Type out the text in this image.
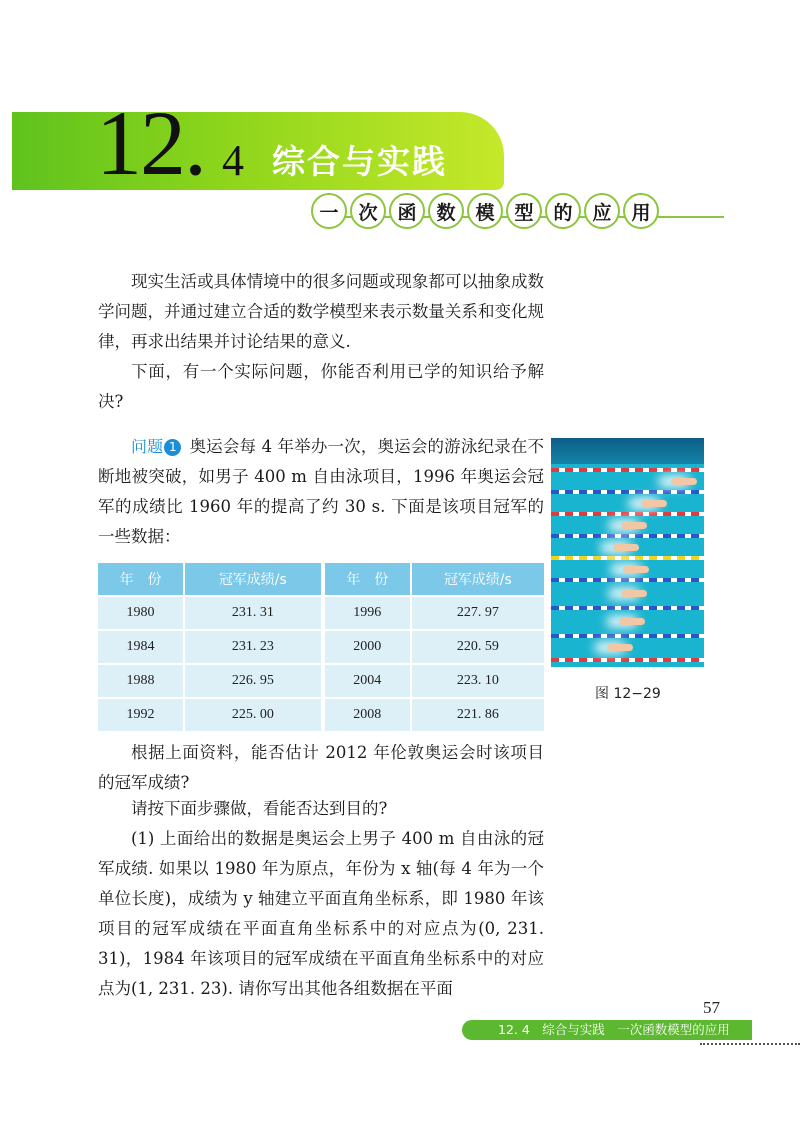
12. 4 综合与实践
一	次	函	数	模	型	的	应	用

现实生活或具体情境中的很多问题或现象都可以抽象成数学问题，并通过建立合适的数学模型来表示数量关系和变化规律，再求出结果并讨论结果的意义.

下面，有一个实际问题，你能否利用已学的知识给予解决?

问题 1 奥运会每 4 年举办一次，奥运会的游泳纪录在不断地被突破，如男子 400 m 自由泳项目，1996 年奥运会冠军的成绩比 1960 年的提高了约 30 s. 下面是该项目冠军的一些数据：

图 12−29
年　份	冠军成绩/s	年　份	冠军成绩/s
1980	231. 31	1996	227. 97
1984	231. 23	2000	220. 59
1988	226. 95	2004	223. 10
1992	225. 00	2008	221. 86

根据上面资料，能否估计 2012 年伦敦奥运会时该项目的冠军成绩?

请按下面步骤做，看能否达到目的?

(1) 上面给出的数据是奥运会上男子 400 m 自由泳的冠军成绩. 如果以 1980 年为原点，年份为 x 轴(每 4 年为一个单位长度)，成绩为 y 轴建立平面直角坐标系，即 1980 年该项目的冠军成绩在平面直角坐标系中的对应点为(0, 231. 31)，1984 年该项目的冠军成绩在平面直角坐标系中的对应点为(1, 231. 23). 请你写出其他各组数据在平面

57
12. 4　综合与实践　一次函数模型的应用
